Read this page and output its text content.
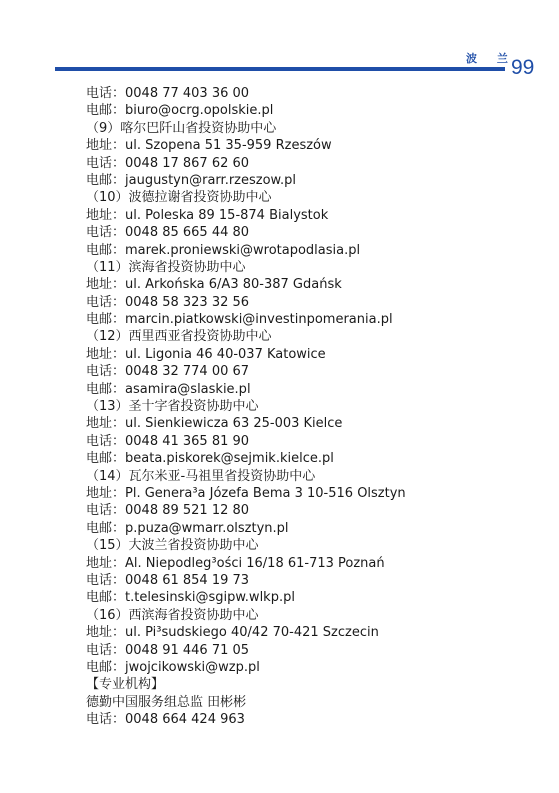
波 兰
99
电话：0048 77 403 36 00
电邮：biuro@ocrg.opolskie.pl
（9）喀尔巴阡山省投资协助中心
地址：ul. Szopena 51 35-959 Rzeszów
电话：0048 17 867 62 60
电邮：jaugustyn@rarr.rzeszow.pl
（10）波德拉谢省投资协助中心
地址：ul. Poleska 89 15-874 Bialystok
电话：0048 85 665 44 80
电邮：marek.proniewski@wrotapodlasia.pl
（11）滨海省投资协助中心
地址：ul. Arkońska 6/A3 80-387 Gdańsk
电话：0048 58 323 32 56
电邮：marcin.piatkowski@investinpomerania.pl
（12）西里西亚省投资协助中心
地址：ul. Ligonia 46 40-037 Katowice
电话：0048 32 774 00 67
电邮：asamira@slaskie.pl
（13）圣十字省投资协助中心
地址：ul. Sienkiewicza 63 25-003 Kielce
电话：0048 41 365 81 90
电邮：beata.piskorek@sejmik.kielce.pl
（14）瓦尔米亚-马祖里省投资协助中心
地址：Pl. Genera³a Józefa Bema 3 10-516 Olsztyn
电话：0048 89 521 12 80
电邮：p.puza@wmarr.olsztyn.pl
（15）大波兰省投资协助中心
地址：Al. Niepodleg³ości 16/18 61-713 Poznań
电话：0048 61 854 19 73
电邮：t.telesinski@sgipw.wlkp.pl
（16）西滨海省投资协助中心
地址：ul. Pi³sudskiego 40/42 70-421 Szczecin
电话：0048 91 446 71 05
电邮：jwojcikowski@wzp.pl
【专业机构】
德勤中国服务组总监 田彬彬
电话：0048 664 424 963
